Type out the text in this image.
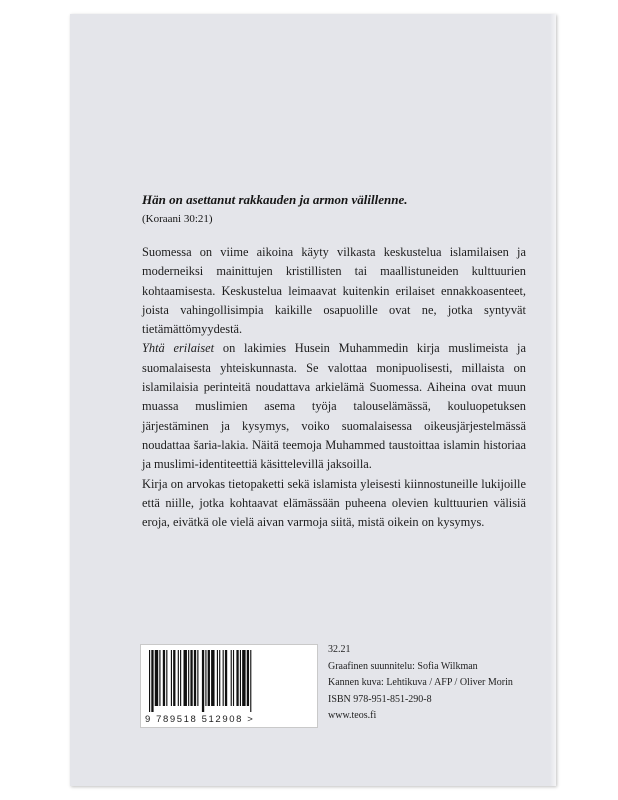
Hän on asettanut rakkauden ja armon välillenne.
(Koraani 30:21)

Suomessa on viime aikoina käyty vilkasta keskustelua islamilaisen ja moderneiksi mainittujen kristillisten tai maallistuneiden kulttuurien kohtaamisesta. Keskustelua leimaavat kuitenkin erilaiset ennakkoasenteet, joista vahingollisimpia kaikille osapuolille ovat ne, jotka syntyvät tietämättömyydestä.

Yhtä erilaiset on lakimies Husein Muhammedin kirja muslimeista ja suomalaisesta yhteiskunnasta. Se valottaa monipuolisesti, millaista on islamilaisia perinteitä noudattava arkielämä Suomessa. Aiheina ovat muun muassa muslimien asema työja talouselämässä, kouluopetuksen järjestäminen ja kysymys, voiko suomalaisessa oikeusjärjestelmässä noudattaa šaria-lakia. Näitä teemoja Muhammed taustoittaa islamin historiaa ja muslimi-identiteettiä käsittelevillä jaksoilla.

Kirja on arvokas tietopaketti sekä islamista yleisesti kiinnostuneille lukijoille että niille, jotka kohtaavat elämässään puheena olevien kulttuurien välisiä eroja, eivätkä ole vielä aivan varmoja siitä, mistä oikein on kysymys.

9 789518 512908 >
32.21
Graafinen suunnitelu: Sofia Wilkman
Kannen kuva: Lehtikuva / AFP / Oliver Morin
ISBN 978-951-851-290-8
www.teos.fi
